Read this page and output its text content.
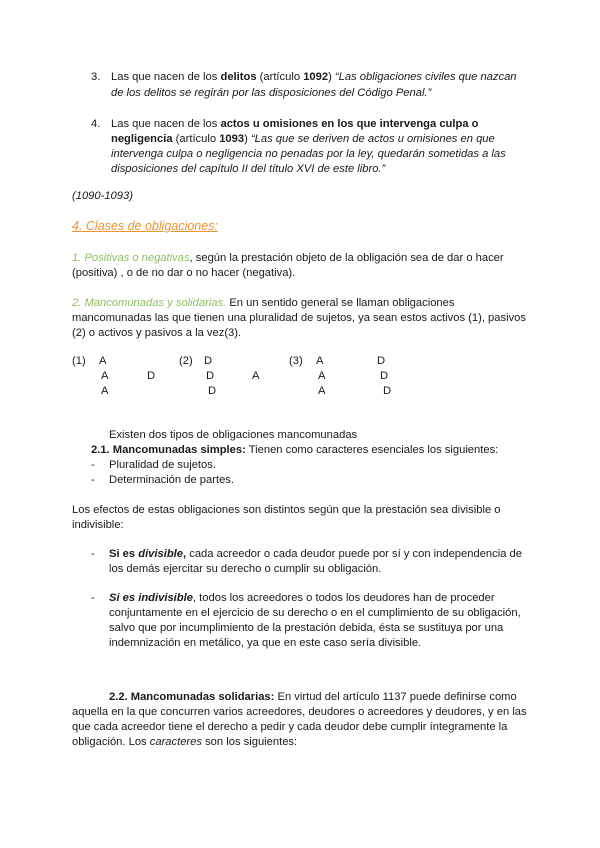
3. Las que nacen de los delitos (artículo 1092) “Las obligaciones civiles que nazcan
de los delitos se regirán por las disposiciones del Código Penal.”
4. Las que nacen de los actos u omisiones en los que intervenga culpa o
negligencia (artículo 1093) “Las que se deriven de actos u omisiones en que
intervenga culpa o negligencia no penadas por la ley, quedarán sometidas a las
disposiciones del capítulo II del título XVI de este libro.”
(1090-1093)
4. Clases de obligaciones:
1. Positivas o negativas, según la prestación objeto de la obligación sea de dar o hacer
(positiva) , o de no dar o no hacer (negativa).
2. Mancomunadas y solidarias. En un sentido general se llaman obligaciones
mancomunadas las que tienen una pluralidad de sujetos, ya sean estos activos (1), pasivos
(2) o activos y pasivos a la vez(3).
(1) A
A	D
A
(2) D
D	A
D
(3) A	D
A	D
A	D
Existen dos tipos de obligaciones mancomunadas
2.1. Mancomunadas simples: Tienen como caracteres esenciales los siguientes:
- Pluralidad de sujetos.
- Determinación de partes.
Los efectos de estas obligaciones son distintos según que la prestación sea divisible o
indivisible:
- Si es divisible, cada acreedor o cada deudor puede por sí y con independencia de
los demás ejercitar su derecho o cumplir su obligación.
- Si es indivisible, todos los acreedores o todos los deudores han de proceder
conjuntamente en el ejercicio de su derecho o en el cumplimiento de su obligación,
salvo que por incumplimiento de la prestación debida, ésta se sustituya por una
indemnización en metálico, ya que en este caso sería divisible.
2.2. Mancomunadas solidarias: En virtud del artículo 1137 puede definirse como
aquella en la que concurren varios acreedores, deudores o acreedores y deudores, y en las
que cada acreedor tiene el derecho a pedir y cada deudor debe cumplir íntegramente la
obligación. Los caracteres son los siguientes:
